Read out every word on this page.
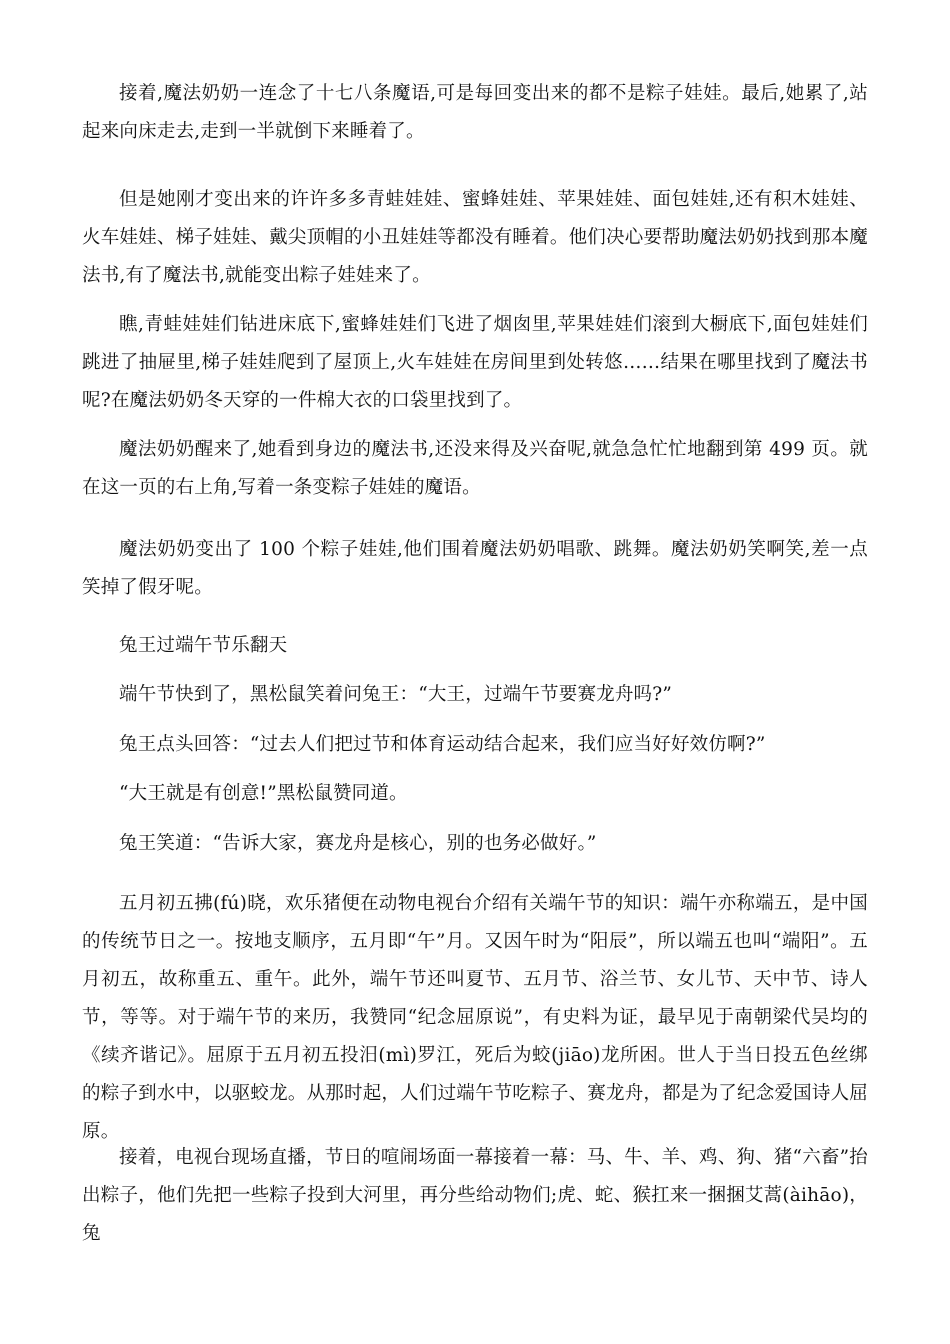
接着,魔法奶奶一连念了十七八条魔语,可是每回变出来的都不是粽子娃娃。最后,她累了,站起来向床走去,走到一半就倒下来睡着了。

但是她刚才变出来的许许多多青蛙娃娃、蜜蜂娃娃、苹果娃娃、面包娃娃,还有积木娃娃、火车娃娃、梯子娃娃、戴尖顶帽的小丑娃娃等都没有睡着。他们决心要帮助魔法奶奶找到那本魔法书,有了魔法书,就能变出粽子娃娃来了。

瞧,青蛙娃娃们钻进床底下,蜜蜂娃娃们飞进了烟囱里,苹果娃娃们滚到大橱底下,面包娃娃们跳进了抽屉里,梯子娃娃爬到了屋顶上,火车娃娃在房间里到处转悠……结果在哪里找到了魔法书呢?在魔法奶奶冬天穿的一件棉大衣的口袋里找到了。

魔法奶奶醒来了,她看到身边的魔法书,还没来得及兴奋呢,就急急忙忙地翻到第 499 页。就在这一页的右上角,写着一条变粽子娃娃的魔语。

魔法奶奶变出了 100 个粽子娃娃,他们围着魔法奶奶唱歌、跳舞。魔法奶奶笑啊笑,差一点笑掉了假牙呢。

兔王过端午节乐翻天

端午节快到了，黑松鼠笑着问兔王：“大王，过端午节要赛龙舟吗?”

兔王点头回答：“过去人们把过节和体育运动结合起来，我们应当好好效仿啊?”

“大王就是有创意!”黑松鼠赞同道。

兔王笑道：“告诉大家，赛龙舟是核心，别的也务必做好。”

五月初五拂(fú)晓，欢乐猪便在动物电视台介绍有关端午节的知识：端午亦称端五，是中国的传统节日之一。按地支顺序，五月即“午”月。又因午时为“阳辰”，所以端五也叫“端阳”。五月初五，故称重五、重午。此外，端午节还叫夏节、五月节、浴兰节、女儿节、天中节、诗人节，等等。对于端午节的来历，我赞同“纪念屈原说”，有史料为证，最早见于南朝梁代吴均的《续齐谐记》。屈原于五月初五投汨(mì)罗江，死后为蛟(jiāo)龙所困。世人于当日投五色丝绑的粽子到水中，以驱蛟龙。从那时起，人们过端午节吃粽子、赛龙舟，都是为了纪念爱国诗人屈原。

接着，电视台现场直播，节日的喧闹场面一幕接着一幕：马、牛、羊、鸡、狗、猪“六畜”抬出粽子，他们先把一些粽子投到大河里，再分些给动物们;虎、蛇、猴扛来一捆捆艾蒿(àihāo)，兔
